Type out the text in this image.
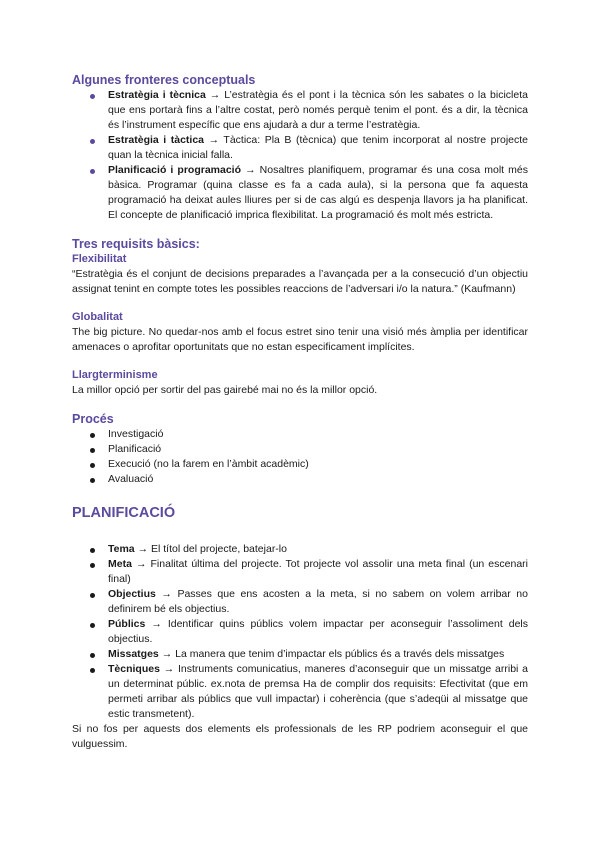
Algunes fronteres conceptuals
Estratègia i tècnica → L’estratègia és el pont i la tècnica són les sabates o la bicicleta que ens portarà fins a l’altre costat, però només perquè tenim el pont. és a dir, la tècnica és l’instrument específic que ens ajudarà a dur a terme l’estratègia.
Estratègia i tàctica → Tàctica: Pla B (tècnica) que tenim incorporat al nostre projecte quan la tècnica inicial falla.
Planificació i programació → Nosaltres planifiquem, programar és una cosa molt més bàsica. Programar (quina classe es fa a cada aula), si la persona que fa aquesta programació ha deixat aules lliures per si de cas algú es despenja llavors ja ha planificat. El concepte de planificació imprica flexibilitat. La programació és molt més estricta.
Tres requisits bàsics:
Flexibilitat

“Estratègia és el conjunt de decisions preparades a l’avançada per a la consecució d’un objectiu assignat tenint en compte totes les possibles reaccions de l’adversari i/o la natura.” (Kaufmann)

Globalitat

The big picture. No quedar-nos amb el focus estret sino tenir una visió més àmplia per identificar amenaces o aprofitar oportunitats que no estan especificament implícites.

Llargterminisme

La millor opció per sortir del pas gairebé mai no és la millor opció.

Procés
Investigació
Planificació
Execució (no la farem en l’àmbit acadèmic)
Avaluació
PLANIFICACIÓ
Tema → El títol del projecte, batejar-lo
Meta → Finalitat última del projecte. Tot projecte vol assolir una meta final (un escenari final)
Objectius → Passes que ens acosten a la meta, si no sabem on volem arribar no definirem bé els objectius.
Públics → Identificar quins públics volem impactar per aconseguir l’assoliment dels objectius.
Missatges → La manera que tenim d’impactar els públics és a través dels missatges
Tècniques → Instruments comunicatius, maneres d’aconseguir que un missatge arribi a un determinat públic. ex.nota de premsa Ha de complir dos requisits: Efectivitat (que em permeti arribar als públics que vull impactar) i coherència (que s’adeqüi al missatge que estic transmetent).

Si no fos per aquests dos elements els professionals de les RP podriem aconseguir el que vulguessim.
